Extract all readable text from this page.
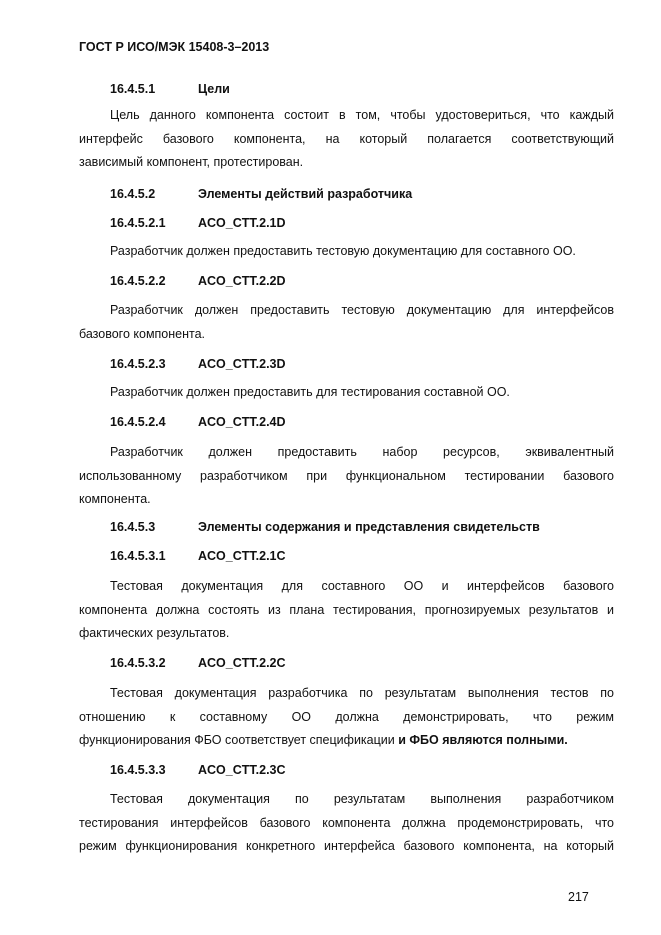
ГОСТ Р ИСО/МЭК 15408-3–2013
16.4.5.1	Цели
Цель данного компонента состоит в том, чтобы удостовериться, что каждый
интерфейс базового компонента, на который полагается соответствующий
зависимый компонент, протестирован.
16.4.5.2	Элементы действий разработчика
16.4.5.2.1	ACO_CTT.2.1D
Разработчик должен предоставить тестовую документацию для составного ОО.
16.4.5.2.2	ACO_CTT.2.2D
Разработчик должен предоставить тестовую документацию для интерфейсов
базового компонента.
16.4.5.2.3	ACO_CTT.2.3D
Разработчик должен предоставить для тестирования составной ОО.
16.4.5.2.4	ACO_CTT.2.4D
Разработчик должен предоставить набор ресурсов, эквивалентный
использованному разработчиком при функциональном тестировании базового
компонента.
16.4.5.3	Элементы содержания и представления свидетельств
16.4.5.3.1	ACO_CTT.2.1C
Тестовая документация для составного ОО и интерфейсов базового
компонента должна состоять из плана тестирования, прогнозируемых результатов и
фактических результатов.
16.4.5.3.2	ACO_CTT.2.2C
Тестовая документация разработчика по результатам выполнения тестов по
отношению к составному ОО должна демонстрировать, что режим
функционирования ФБО соответствует спецификации и ФБО являются полными.
16.4.5.3.3	ACO_CTT.2.3C
Тестовая документация по результатам выполнения разработчиком
тестирования интерфейсов базового компонента должна продемонстрировать, что
режим функционирования конкретного интерфейса базового компонента, на который
217
